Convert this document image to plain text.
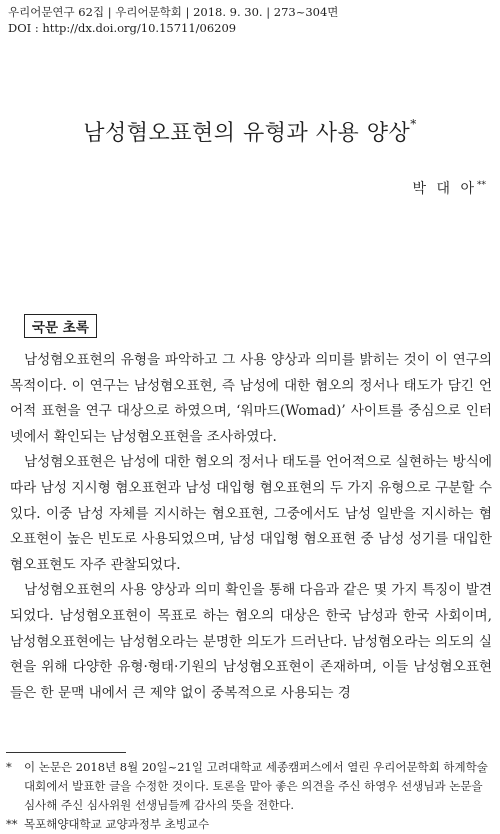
우리어문연구 62집 | 우리어문학회 | 2018. 9. 30. | 273~304면
DOI : http://dx.doi.org/10.15711/06209
남성혐오표현의 유형과 사용 양상*
박 대 아**
국문 초록

남성혐오표현의 유형을 파악하고 그 사용 양상과 의미를 밝히는 것이 이 연구의 목적이다. 이 연구는 남성혐오표현, 즉 남성에 대한 혐오의 정서나 태도가 담긴 언어적 표현을 연구 대상으로 하였으며, ‘워마드(Womad)’ 사이트를 중심으로 인터넷에서 확인되는 남성혐오표현을 조사하였다.

남성혐오표현은 남성에 대한 혐오의 정서나 태도를 언어적으로 실현하는 방식에 따라 남성 지시형 혐오표현과 남성 대입형 혐오표현의 두 가지 유형으로 구분할 수 있다. 이중 남성 자체를 지시하는 혐오표현, 그중에서도 남성 일반을 지시하는 혐오표현이 높은 빈도로 사용되었으며, 남성 대입형 혐오표현 중 남성 성기를 대입한 혐오표현도 자주 관찰되었다.

남성혐오표현의 사용 양상과 의미 확인을 통해 다음과 같은 몇 가지 특징이 발견되었다. 남성혐오표현이 목표로 하는 혐오의 대상은 한국 남성과 한국 사회이며, 남성혐오표현에는 남성혐오라는 분명한 의도가 드러난다. 남성혐오라는 의도의 실현을 위해 다양한 유형·형태·기원의 남성혐오표현이 존재하며, 이들 남성혐오표현들은 한 문맥 내에서 큰 제약 없이 중복적으로 사용되는 경

* 이 논문은 2018년 8월 20일~21일 고려대학교 세종캠퍼스에서 열린 우리어문학회 하계학술대회에서 발표한 글을 수정한 것이다. 토론을 맡아 좋은 의견을 주신 하영우 선생님과 논문을 심사해 주신 심사위원 선생님들께 감사의 뜻을 전한다.

** 목포해양대학교 교양과정부 초빙교수
